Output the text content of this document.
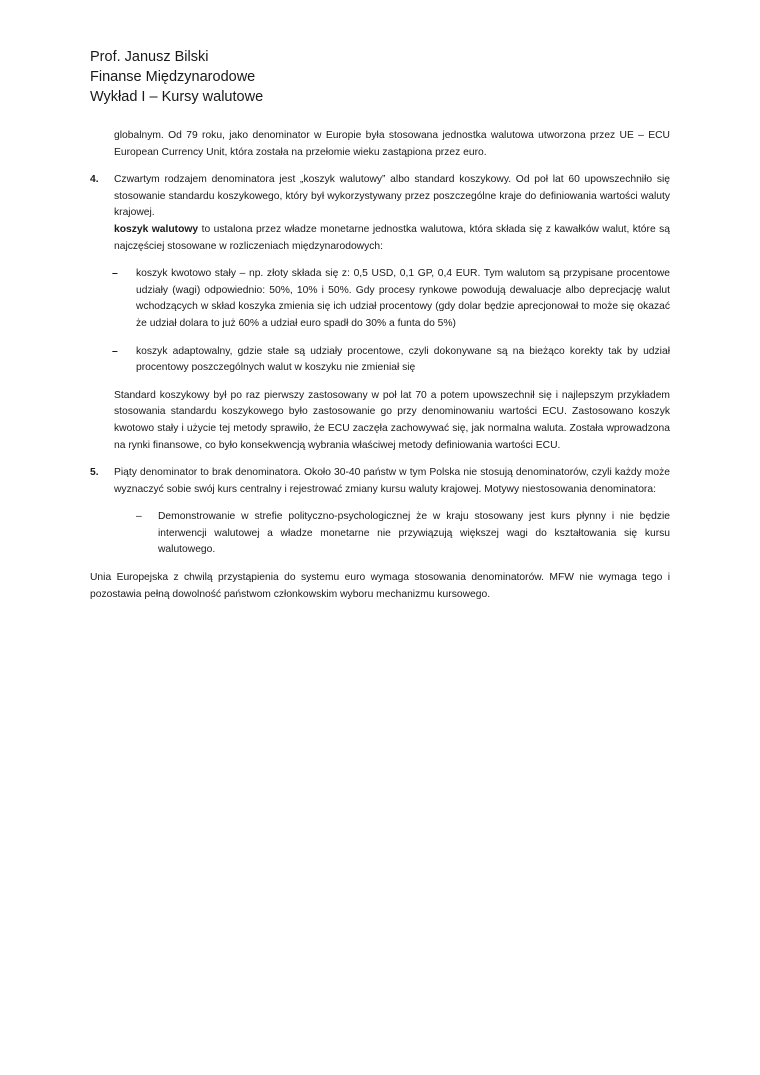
Prof. Janusz Bilski
Finanse Międzynarodowe
Wykład I – Kursy walutowe
globalnym. Od 79 roku, jako denominator w Europie była stosowana jednostka walutowa utworzona przez UE – ECU European Currency Unit, która została na przełomie wieku zastąpiona przez euro.
4. Czwartym rodzajem denominatora jest „koszyk walutowy” albo standard koszykowy. Od poł lat 60 upowszechniło się stosowanie standardu koszykowego, który był wykorzystywany przez poszczególne kraje do definiowania wartości waluty krajowej.
koszyk walutowy to ustalona przez władze monetarne jednostka walutowa, która składa się z kawałków walut, które są najczęściej stosowane w rozliczeniach międzynarodowych:
– koszyk kwotowo stały – np. złoty składa się z: 0,5 USD, 0,1 GP, 0,4 EUR. Tym walutom są przypisane procentowe udziały (wagi) odpowiednio: 50%, 10% i 50%. Gdy procesy rynkowe powodują dewaluacje albo deprecjację walut wchodzących w skład koszyka zmienia się ich udział procentowy (gdy dolar będzie aprecjonował to może się okazać że udział dolara to już 60% a udział euro spadł do 30% a funta do 5%)
– koszyk adaptowalny, gdzie stałe są udziały procentowe, czyli dokonywane są na bieżąco korekty tak by udział procentowy poszczególnych walut w koszyku nie zmieniał się
Standard koszykowy był po raz pierwszy zastosowany w poł lat 70 a potem upowszechnił się i najlepszym przykładem stosowania standardu koszykowego było zastosowanie go przy denominowaniu wartości ECU. Zastosowano koszyk kwotowo stały i użycie tej metody sprawiło, że ECU zaczęła zachowywać się, jak normalna waluta. Została wprowadzona na rynki finansowe, co było konsekwencją wybrania właściwej metody definiowania wartości ECU.
5. Piąty denominator to brak denominatora. Około 30-40 państw w tym Polska nie stosują denominatorów, czyli każdy może wyznaczyć sobie swój kurs centralny i rejestrować zmiany kursu waluty krajowej. Motywy niestosowania denominatora:
– Demonstrowanie w strefie polityczno-psychologicznej że w kraju stosowany jest kurs płynny i nie będzie interwencji walutowej a władze monetarne nie przywiązują większej wagi do kształtowania się kursu walutowego.
Unia Europejska z chwilą przystąpienia do systemu euro wymaga stosowania denominatorów. MFW nie wymaga tego i pozostawia pełną dowolność państwom członkowskim wyboru mechanizmu kursowego.
